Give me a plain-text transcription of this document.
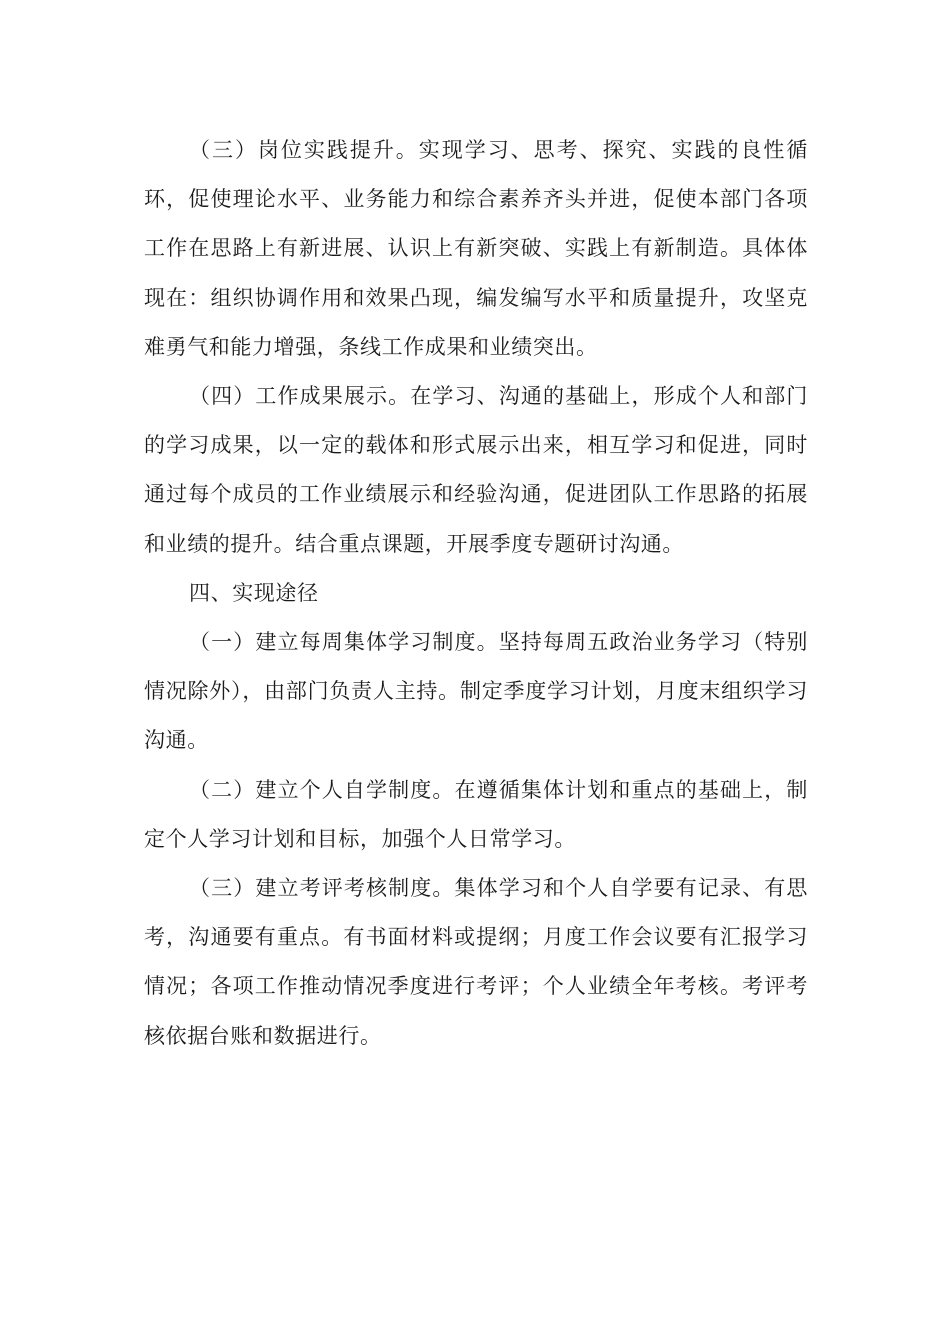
（三）岗位实践提升。实现学习、思考、探究、实践的良性循环，促使理论水平、业务能力和综合素养齐头并进，促使本部门各项工作在思路上有新进展、认识上有新突破、实践上有新制造。具体体现在：组织协调作用和效果凸现，编发编写水平和质量提升，攻坚克难勇气和能力增强，条线工作成果和业绩突出。

（四）工作成果展示。在学习、沟通的基础上，形成个人和部门的学习成果，以一定的载体和形式展示出来，相互学习和促进，同时通过每个成员的工作业绩展示和经验沟通，促进团队工作思路的拓展和业绩的提升。结合重点课题，开展季度专题研讨沟通。

四、实现途径

（一）建立每周集体学习制度。坚持每周五政治业务学习（特别情况除外），由部门负责人主持。制定季度学习计划，月度末组织学习沟通。

（二）建立个人自学制度。在遵循集体计划和重点的基础上，制定个人学习计划和目标，加强个人日常学习。

（三）建立考评考核制度。集体学习和个人自学要有记录、有思考，沟通要有重点。有书面材料或提纲；月度工作会议要有汇报学习情况；各项工作推动情况季度进行考评；个人业绩全年考核。考评考核依据台账和数据进行。
